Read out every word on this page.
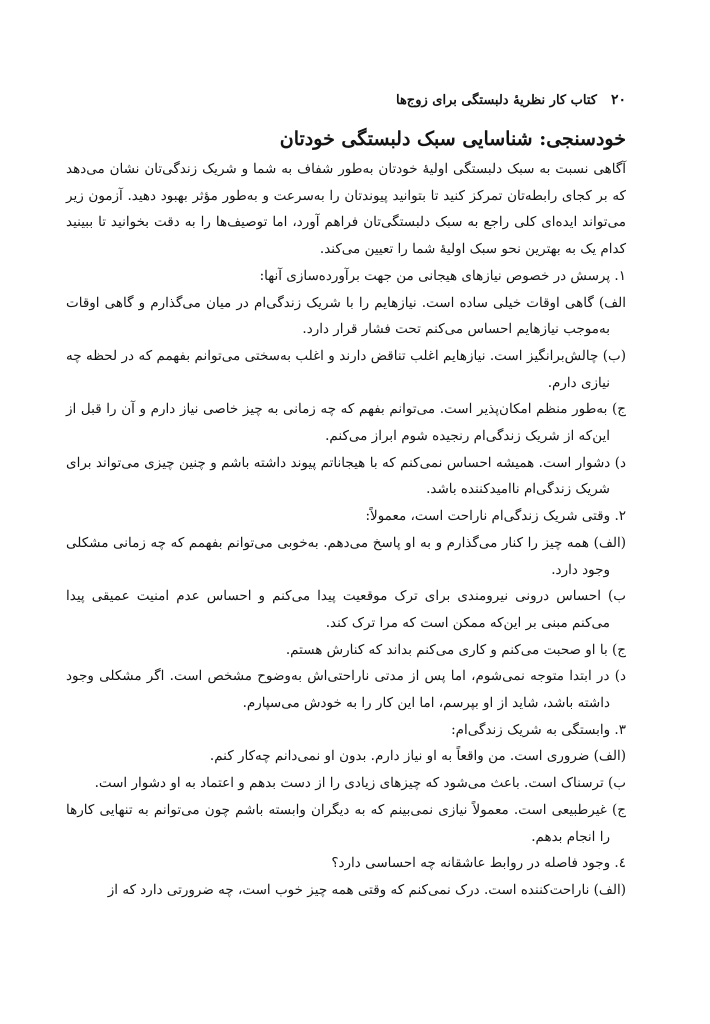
۲۰
کتاب کار نظریهٔ دلبستگی برای زوج‌ها
خودسنجی: شناسایی سبک دلبستگی خودتان

آگاهی نسبت به سبک دلبستگی اولیهٔ خودتان به‌طور شفاف به شما و شریک زندگی‌تان نشان می‌دهد که بر کجای رابطه‌تان تمرکز کنید تا بتوانید پیوندتان را به‌سرعت و به‌طور مؤثر بهبود دهید. آزمون زیر می‌تواند ایده‌ای کلی راجع به سبک دلبستگی‌تان فراهم آورد، اما توصیف‌ها را به دقت بخوانید تا ببینید کدام یک به بهترین نحو سبک اولیهٔ شما را تعیین می‌کند.

۱. پرسش در خصوص نیازهای هیجانی من جهت برآورده‌سازی آنها:

الف) گاهی اوقات خیلی ساده است. نیازهایم را با شریک زندگی‌ام در میان می‌گذارم و گاهی اوقات به‌موجب نیازهایم احساس می‌کنم تحت فشار قرار دارد.

(ب) چالش‌برانگیز است. نیازهایم اغلب تناقض دارند و اغلب به‌سختی می‌توانم بفهمم که در لحظه چه نیازی دارم.

ج) به‌طور منظم امکان‌پذیر است. می‌توانم بفهم که چه زمانی به چیز خاصی نیاز دارم و آن را قبل از این‌که از شریک زندگی‌ام رنجیده شوم ابراز می‌کنم.

د) دشوار است. همیشه احساس نمی‌کنم که با هیجاناتم پیوند داشته باشم و چنین چیزی می‌تواند برای شریک زندگی‌ام ناامیدکننده باشد.

۲. وقتی شریک زندگی‌ام ناراحت است، معمولاً:

(الف) همه چیز را کنار می‌گذارم و به او پاسخ می‌دهم. به‌خوبی می‌توانم بفهمم که چه زمانی مشکلی وجود دارد.

ب) احساس درونی نیرومندی برای ترک موقعیت پیدا می‌کنم و احساس عدم امنیت عمیقی پیدا می‌کنم مبنی بر این‌که ممکن است که مرا ترک کند.

ج) با او صحبت می‌کنم و کاری می‌کنم بداند که کنارش هستم.

د) در ابتدا متوجه نمی‌شوم، اما پس از مدتی ناراحتی‌اش به‌وضوح مشخص است. اگر مشکلی وجود داشته باشد، شاید از او بپرسم، اما این کار را به خودش می‌سپارم.

۳. وابستگی به شریک زندگی‌ام:

(الف) ضروری است. من واقعاً به او نیاز دارم. بدون او نمی‌دانم چه‌کار کنم.

ب) ترسناک است. باعث می‌شود که چیزهای زیادی را از دست بدهم و اعتماد به او دشوار است.

ج) غیرطبیعی است. معمولاً نیازی نمی‌بینم که به دیگران وابسته باشم چون می‌توانم به تنهایی کارها را انجام بدهم.

٤. وجود فاصله در روابط عاشقانه چه احساسی دارد؟

(الف) ناراحت‌کننده است. درک نمی‌کنم که وقتی همه چیز خوب است، چه ضرورتی دارد که از
